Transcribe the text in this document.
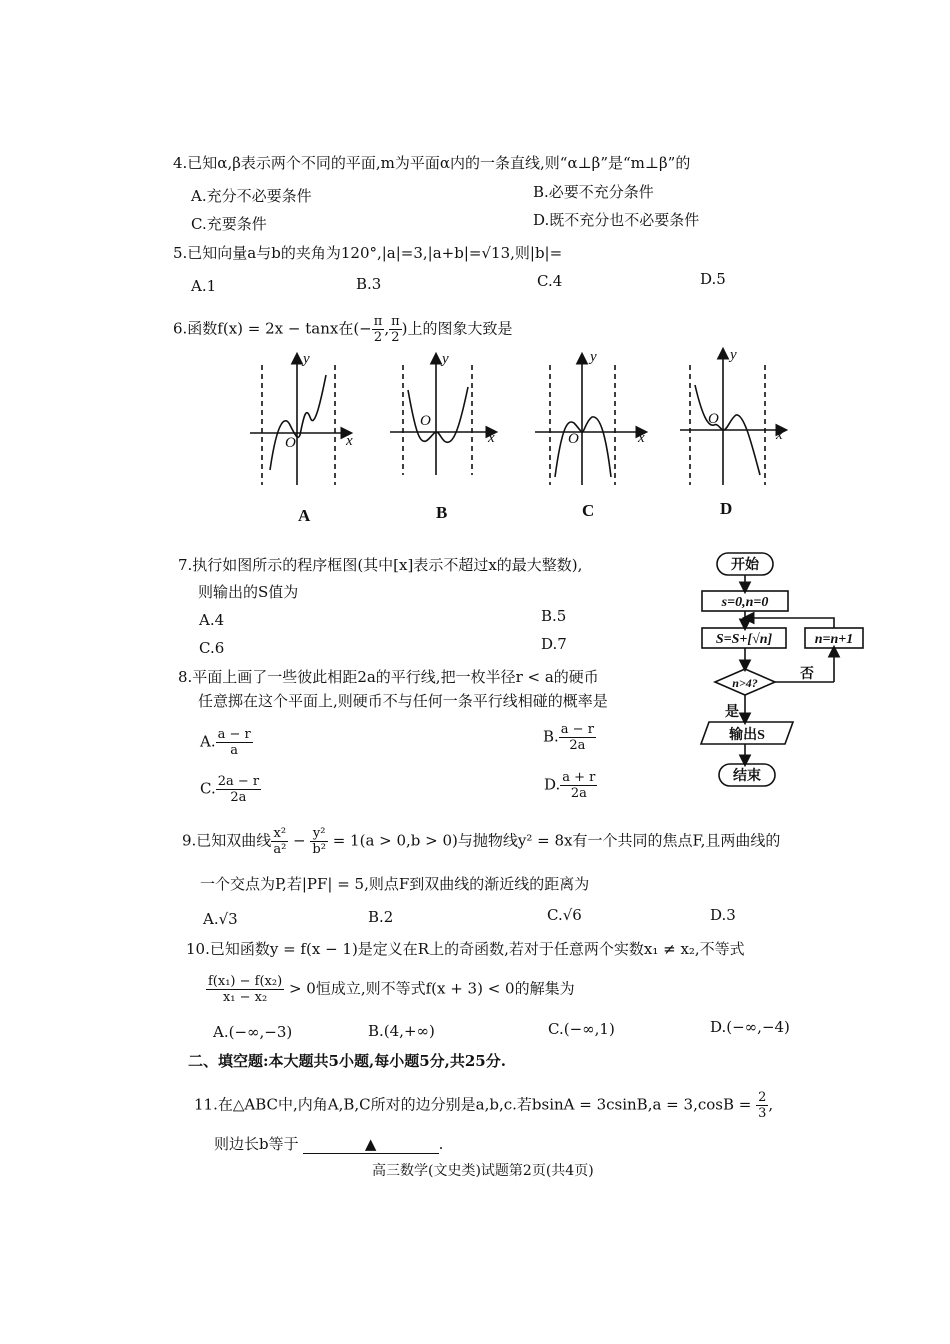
4.已知α,β表示两个不同的平面,m为平面α内的一条直线,则“α⊥β”是“m⊥β”的
A.充分不必要条件	B.必要不充分条件
C.充要条件	D.既不充分也不必要条件
5.已知向量a与b的夹角为120°,|a|=3,|a+b|=√13,则|b|=
A.1	B.3	C.4	D.5
6.函数f(x) = 2x − tanx在(− $\frac{\pi}{2}$ , $\frac{\pi}{2}$ )上的图象大致是
y
x
O
y
x
O
y
x
O
y
x
O
A	B	C	D
7.执行如图所示的程序框图(其中[x]表示不超过x的最大整数),
则输出的S值为
A.4	B.5
C.6	D.7
开始
s=0,n=0
S=S+[√n]	n=n+1
n>4?
否
是
输出S
结束
8.平面上画了一些彼此相距2a的平行线,把一枚半径r < a的硬币
任意掷在这个平面上,则硬币不与任何一条平行线相碰的概率是
A. $\frac{a - r}{a}$	B. $\frac{a - r}{2a}$
C. $\frac{2a - r}{2a}$	D. $\frac{a + r}{2a}$
9.已知双曲线 $\frac{\text{x²}}{\text{a²}} - \frac{\text{y²}}{\text{b²}} = 1(a > 0,b > 0)$与抛物线y² = 8x有一个共同的焦点F,且两曲线的
一个交点为P,若|PF| = 5,则点F到双曲线的渐近线的距离为
A.√3	B.2	C.√6	D.3
10.已知函数y = f(x − 1)是定义在R上的奇函数,若对于任意两个实数x₁ ≠ x₂,不等式
$\frac{\text{f(x₁) − f(x₂)}}{\text{x₁ − x₂}} > 0$恒成立,则不等式f(x + 3) < 0的解集为
A.(−∞,−3)	B.(4,+∞)	C.(−∞,1)	D.(−∞,−4)
二、填空题:本大题共5小题,每小题5分,共25分.
11.在△ABC中,内角A,B,C所对的边分别是a,b,c.若$bsinA = 3csinB,a = 3,\cos B = \frac{2}{3}$ ,
则边长b等于	▲	.
高三数学(文史类)试题第2页(共4页)
